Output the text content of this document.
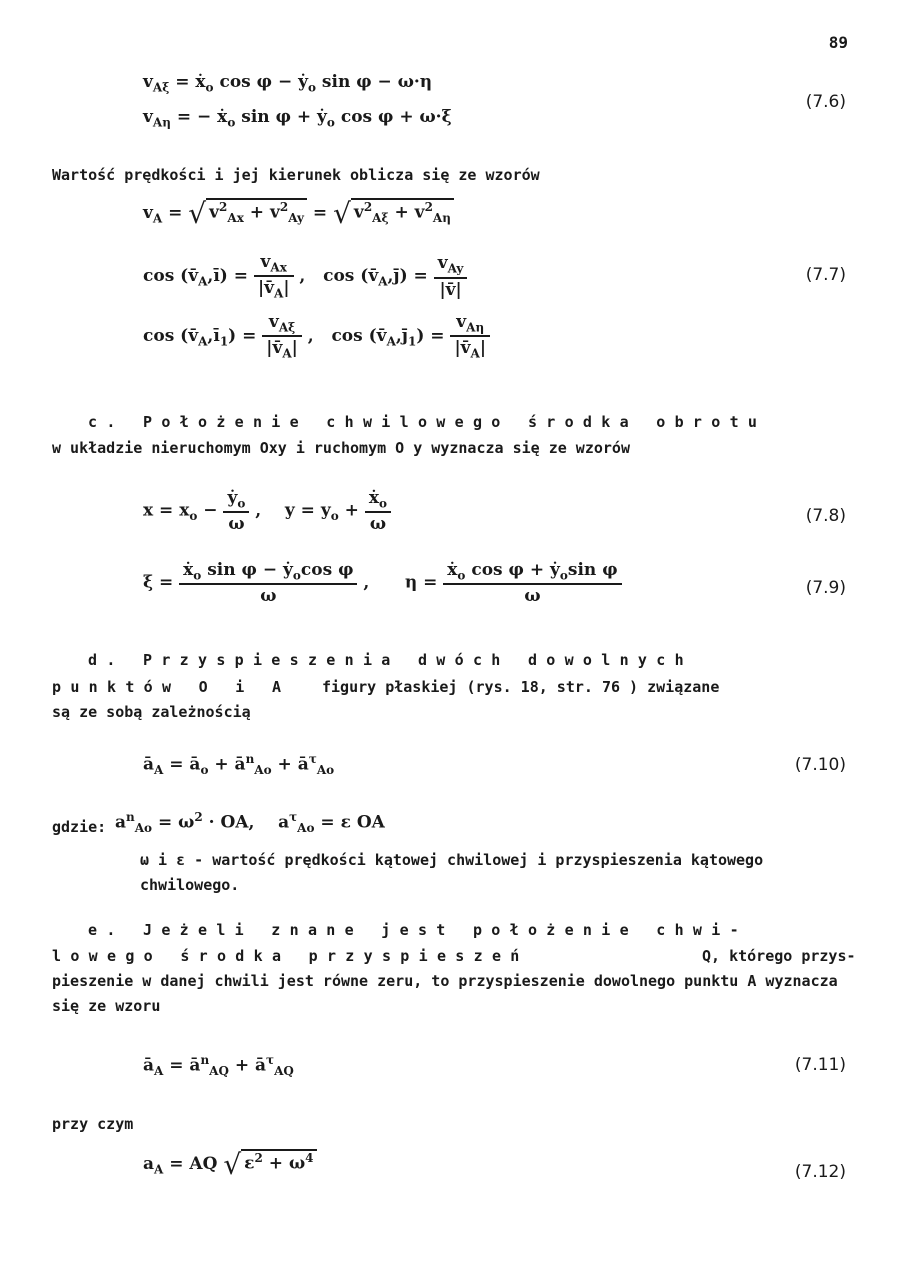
89
$v_{A\xi}$ = ẋ$_o$ cos φ − ẏ$_o$ sin φ − ω·η
$v_{A\eta}$ = − ẋ$_o$ sin φ + ẏ$_o$ cos φ + ω·ξ
(7.6)
Wartość prędkości i jej kierunek oblicza się ze wzorów
$v_A$ = √ $v^2_{Ax} + v^2_{Ay}$ = √ $v^2_{A\xi} + v^2_{A\eta}$
$\cos (v̄_A,ī) = \frac{v_{Ax}}{|v̄_A|}$ ,   $\cos (v̄_A,j̄) = \frac{v_{Ay}}{|v̄|}$
$\cos (v̄_A,ī_1) = \frac{v_{A\xi}}{|v̄_A|}$ ,   $\cos (v̄_A,j̄_1) = \frac{v_{A\eta}}{|v̄_A|}$
(7.7)
c. Położenie chwilowego środka obrotu
w układzie nieruchomym Oxy i ruchomym O y wyznacza się ze wzorów
$x = x_o - \frac{ẏ_o}{\omega}$ ,    $y = y_o + \frac{ẋ_o}{\omega}$	(7.8)
$\xi = \frac{ẋ_o \sin \varphi - ẏ_o\cos \varphi}{\omega}$ ,      $\eta = \frac{ẋ_o \cos \varphi + ẏ_o\sin \varphi}{\omega}$	(7.9)
d. Przyspieszenia dwóch dowolnych
punktów O i A figury płaskiej (rys. 18, str. 76 ) związane
są ze sobą zależnością
$ā_A$ = $ā_o$ + $ā^n_{Ao}$ + $ā^\tau_{Ao}$	(7.10)
gdzie: $a^n_{Ao} = \omega^2$ · OA,    $a^\tau_{Ao} = \varepsilon$ OA
ω i ε - wartość prędkości kątowej chwilowej i przyspieszenia kątowego chwilowego.
e. Jeżeli znane jest położenie chwi-
lowego środka przyspieszeń	Q, którego przys-
pieszenie w danej chwili jest równe zeru, to przyspieszenie dowolnego punktu A wyznacza się ze wzoru
$ā_A$ = $ā^n_{AQ}$ + $ā^\tau_{AQ}$	(7.11)
przy czym
$a_A$ = AQ √ $\varepsilon^2 + \omega^4$
(7.12)
